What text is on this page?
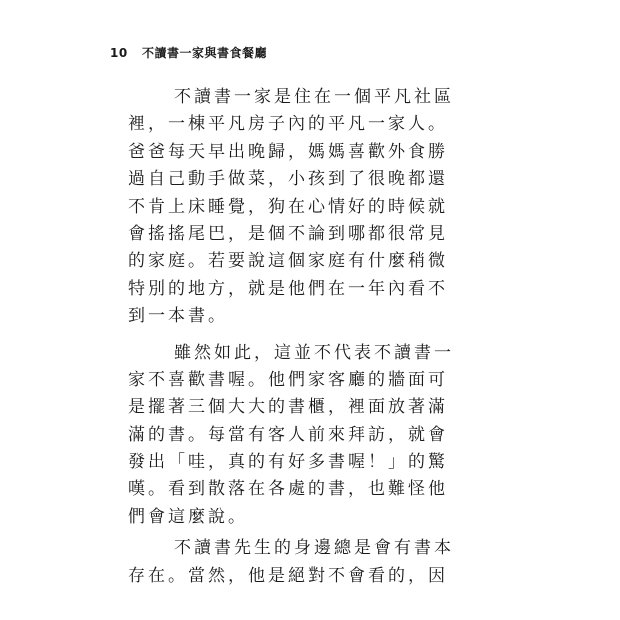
10 不讀書一家與書食餐廳
不讀書一家是住在一個平凡社區
裡，一棟平凡房子內的平凡一家人。
爸爸每天早出晚歸，媽媽喜歡外食勝
過自己動手做菜，小孩到了很晚都還
不肯上床睡覺，狗在心情好的時候就
會搖搖尾巴，是個不論到哪都很常見
的家庭。若要說這個家庭有什麼稍微
特別的地方，就是他們在一年內看不
到一本書。
雖然如此，這並不代表不讀書一
家不喜歡書喔。他們家客廳的牆面可
是擺著三個大大的書櫃，裡面放著滿
滿的書。每當有客人前來拜訪，就會
發出「哇，真的有好多書喔！」的驚
嘆。看到散落在各處的書，也難怪他
們會這麼說。
不讀書先生的身邊總是會有書本
存在。當然，他是絕對不會看的，因
